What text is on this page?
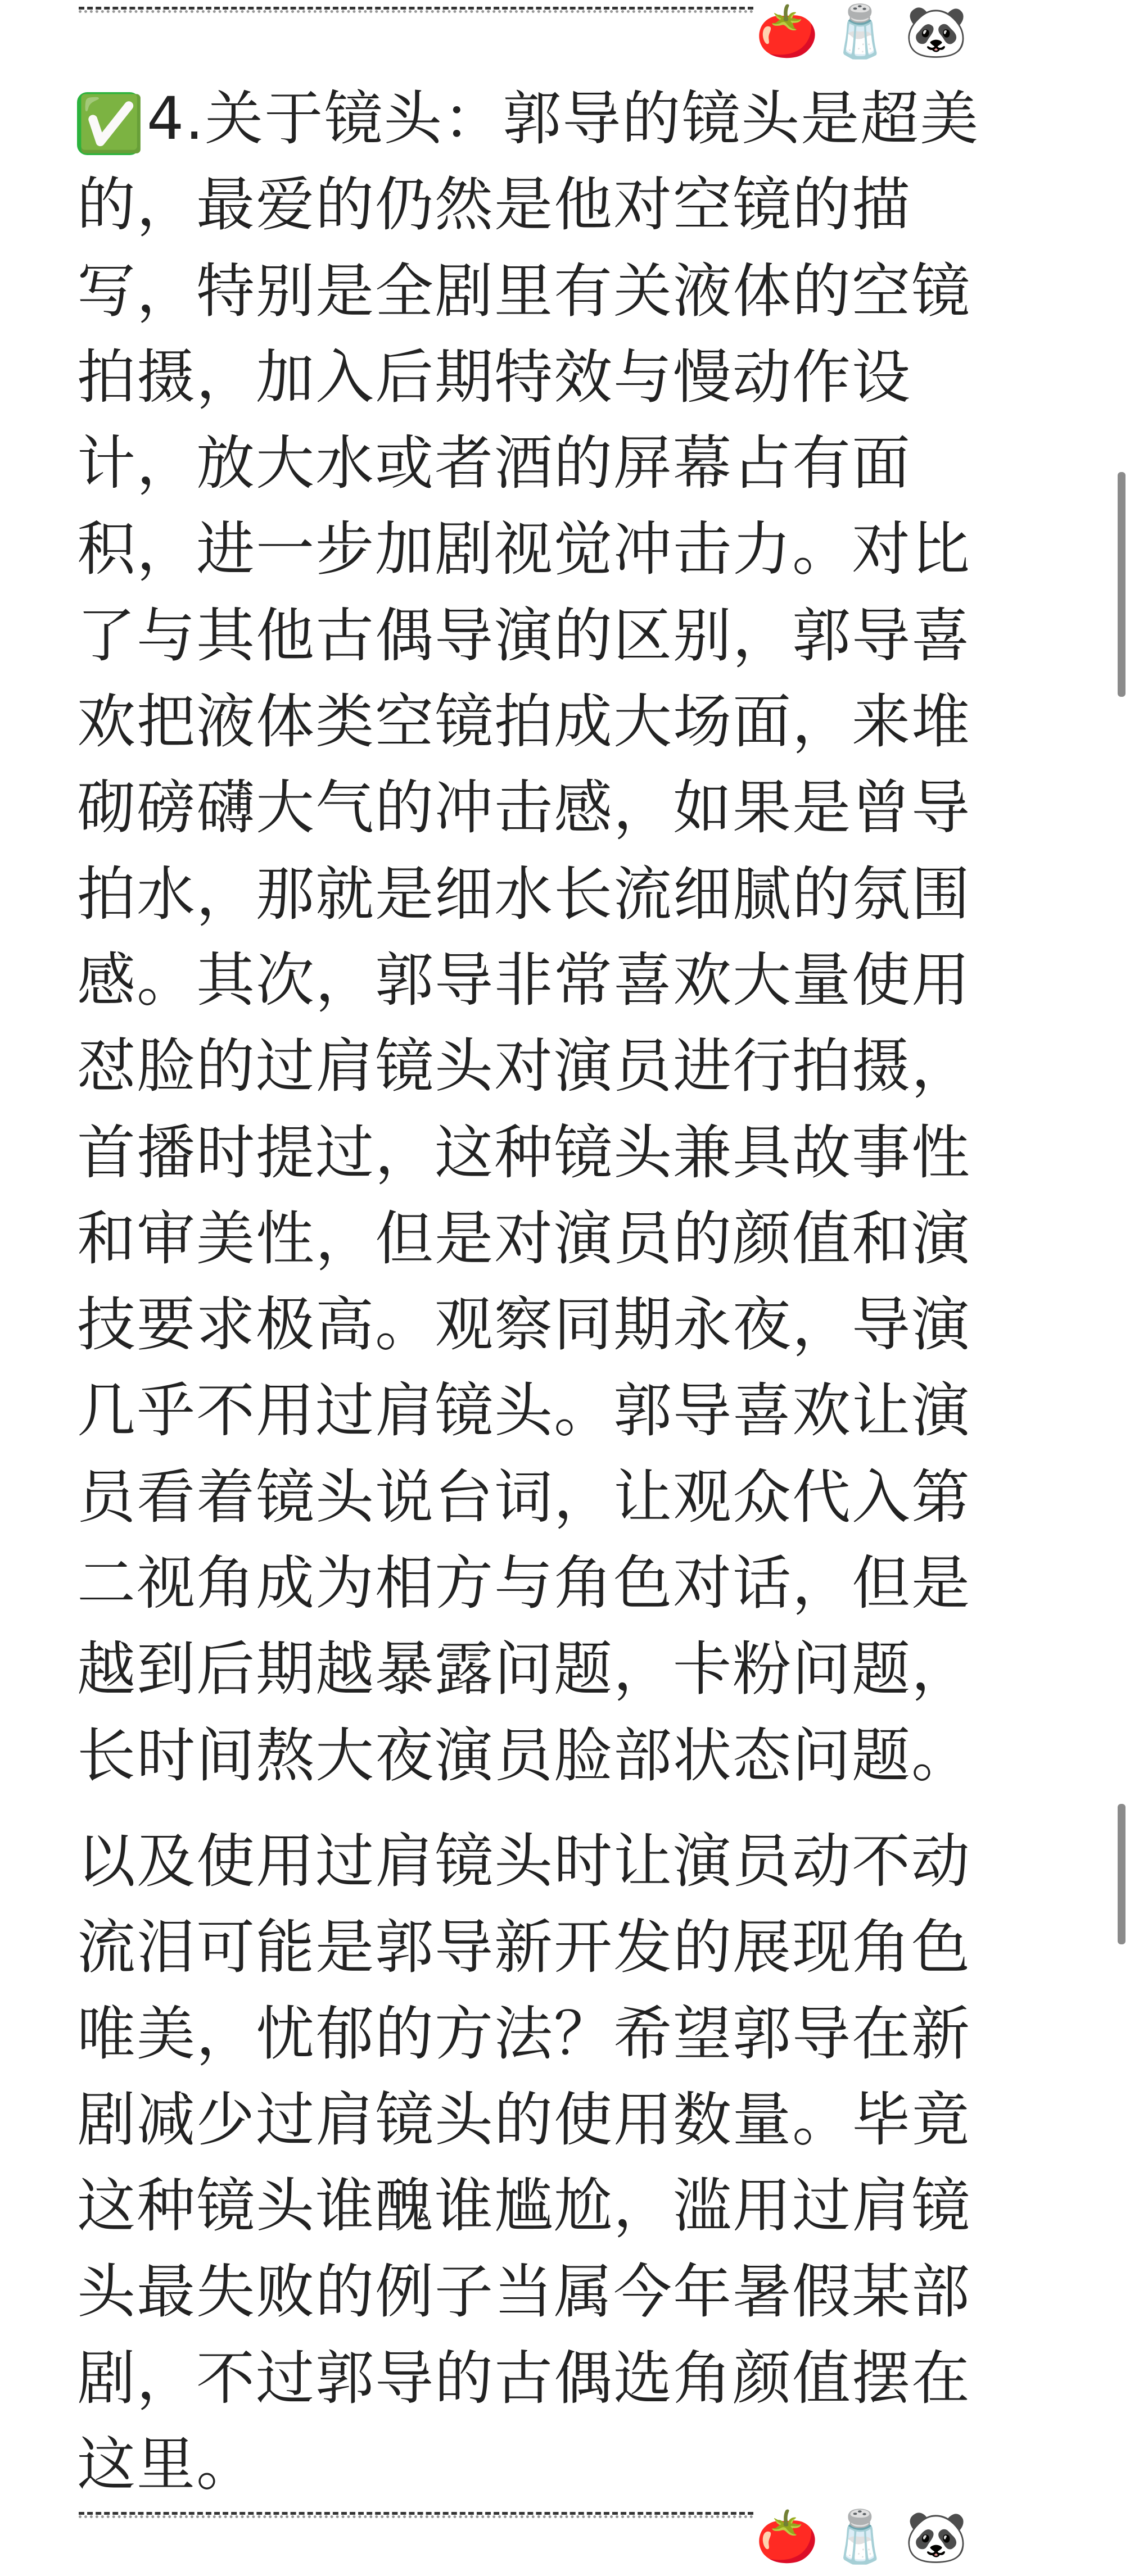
🍅 🧂 🐼

✅4.关于镜头：郭导的镜头是超美的，最爱的仍然是他对空镜的描写，特别是全剧里有关液体的空镜拍摄，加入后期特效与慢动作设计，放大水或者酒的屏幕占有面积，进一步加剧视觉冲击力。对比了与其他古偶导演的区别，郭导喜欢把液体类空镜拍成大场面，来堆砌磅礴大气的冲击感，如果是曾导拍水，那就是细水长流细腻的氛围感。其次，郭导非常喜欢大量使用怼脸的过肩镜头对演员进行拍摄，首播时提过，这种镜头兼具故事性和审美性，但是对演员的颜值和演技要求极高。观察同期永夜，导演几乎不用过肩镜头。郭导喜欢让演员看着镜头说台词，让观众代入第二视角成为相方与角色对话，但是越到后期越暴露问题，卡粉问题，长时间熬大夜演员脸部状态问题。

以及使用过肩镜头时让演员动不动流泪可能是郭导新开发的展现角色唯美，忧郁的方法？希望郭导在新剧减少过肩镜头的使用数量。毕竟这种镜头谁醜谁尴尬，滥用过肩镜头最失败的例子当属今年暑假某部剧，不过郭导的古偶选角颜值摆在这里。

🍅 🧂 🐼
